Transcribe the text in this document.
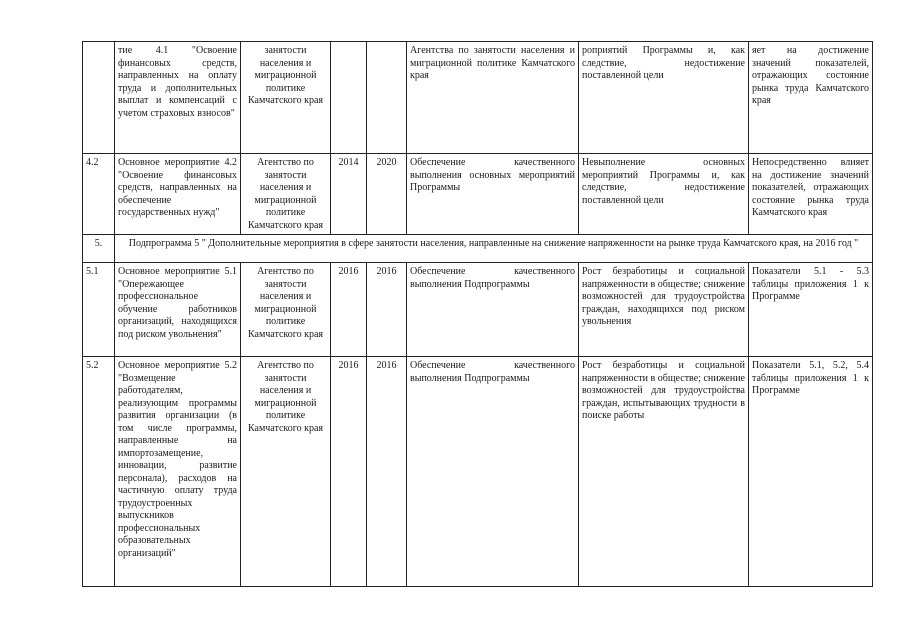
	тие 4.1 "Освоение финансовых средств, направленных на оплату труда и дополнительных выплат и компенсаций с учетом страховых взносов"	занятости населения и миграционной политике Камчатского края			Агентства по занятости населения и миграционной политике Камчатского края	роприятий Программы и, как следствие, недостижение поставленной цели	яет на достижение значений показателей, отражающих состояние рынка труда Камчатского края
4.2	Основное мероприятие 4.2 "Освоение финансовых средств, направленных на обеспечение государственных нужд"	Агентство по занятости населения и миграционной политике Камчатского края	2014	2020	Обеспечение качественного выполнения основных мероприятий Программы	Невыполнение основных мероприятий Программы и, как следствие, недостижение поставленной цели	Непосредственно влияет на достижение значений показателей, отражающих состояние рынка труда Камчатского края
5.	Подпрограмма 5 " Дополнительные мероприятия в сфере занятости населения, направленные на снижение напряженности на рынке труда Камчатского края, на 2016 год "						
5.1	Основное мероприятие 5.1 "Опережающее профессиональное обучение работников организаций, находящихся под риском увольнения"	Агентство по занятости населения и миграционной политике Камчатского края	2016	2016	Обеспечение качественного выполнения Подпрограммы	Рост безработицы и социальной напряженности в обществе; снижение возможностей для трудоустройства граждан, находящихся под риском увольнения	Показатели 5.1 - 5.3 таблицы приложения 1 к Программе
5.2	Основное мероприятие 5.2 "Возмещение работодателям, реализующим программы развития организации (в том числе программы, направленные на импортозамещение, инновации, развитие персонала), расходов на частичную оплату труда трудоустроенных выпускников профессиональных образовательных организаций"	Агентство по занятости населения и миграционной политике Камчатского края	2016	2016	Обеспечение качественного выполнения Подпрограммы	Рост безработицы и социальной напряженности в обществе; снижение возможностей для трудоустройства граждан, испытывающих трудности в поиске работы	Показатели 5.1, 5.2, 5.4 таблицы приложения 1 к Программе
